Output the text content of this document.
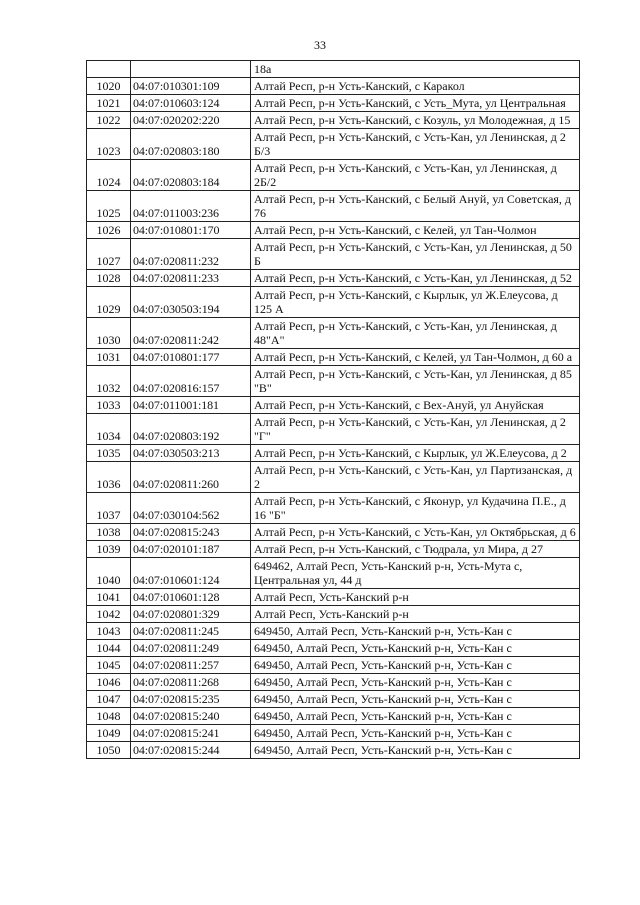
33
		18а
1020	04:07:010301:109	Алтай Респ, р-н Усть-Канский, с Каракол
1021	04:07:010603:124	Алтай Респ, р-н Усть-Канский, с Усть_Мута, ул Центральная
1022	04:07:020202:220	Алтай Респ, р-н Усть-Канский, с Козуль, ул Молодежная, д 15
1023	04:07:020803:180	Алтай Респ, р-н Усть-Канский, с Усть-Кан, ул Ленинская, д 2 Б/3
1024	04:07:020803:184	Алтай Респ, р-н Усть-Канский, с Усть-Кан, ул Ленинская, д 2Б/2
1025	04:07:011003:236	Алтай Респ, р-н Усть-Канский, с Белый Ануй, ул Советская, д 76
1026	04:07:010801:170	Алтай Респ, р-н Усть-Канский, с Келей, ул Тан-Чолмон
1027	04:07:020811:232	Алтай Респ, р-н Усть-Канский, с Усть-Кан, ул Ленинская, д 50 Б
1028	04:07:020811:233	Алтай Респ, р-н Усть-Канский, с Усть-Кан, ул Ленинская, д 52
1029	04:07:030503:194	Алтай Респ, р-н Усть-Канский, с Кырлык, ул Ж.Елеусова, д 125 А
1030	04:07:020811:242	Алтай Респ, р-н Усть-Канский, с Усть-Кан, ул Ленинская, д 48"А"
1031	04:07:010801:177	Алтай Респ, р-н Усть-Канский, с Келей, ул Тан-Чолмон, д 60 а
1032	04:07:020816:157	Алтай Респ, р-н Усть-Канский, с Усть-Кан, ул Ленинская, д 85 "В"
1033	04:07:011001:181	Алтай Респ, р-н Усть-Канский, с Вех-Ануй, ул Ануйская
1034	04:07:020803:192	Алтай Респ, р-н Усть-Канский, с Усть-Кан, ул Ленинская, д 2 "Г"
1035	04:07:030503:213	Алтай Респ, р-н Усть-Канский, с Кырлык, ул Ж.Елеусова, д 2
1036	04:07:020811:260	Алтай Респ, р-н Усть-Канский, с Усть-Кан, ул Партизанская, д 2
1037	04:07:030104:562	Алтай Респ, р-н Усть-Канский, с Яконур, ул Кудачина П.Е., д 16 "Б"
1038	04:07:020815:243	Алтай Респ, р-н Усть-Канский, с Усть-Кан, ул Октябрьская, д 6
1039	04:07:020101:187	Алтай Респ, р-н Усть-Канский, с Тюдрала, ул Мира, д 27
1040	04:07:010601:124	649462, Алтай Респ, Усть-Канский р-н, Усть-Мута с, Центральная ул, 44 д
1041	04:07:010601:128	Алтай Респ, Усть-Канский р-н
1042	04:07:020801:329	Алтай Респ, Усть-Канский р-н
1043	04:07:020811:245	649450, Алтай Респ, Усть-Канский р-н, Усть-Кан с
1044	04:07:020811:249	649450, Алтай Респ, Усть-Канский р-н, Усть-Кан с
1045	04:07:020811:257	649450, Алтай Респ, Усть-Канский р-н, Усть-Кан с
1046	04:07:020811:268	649450, Алтай Респ, Усть-Канский р-н, Усть-Кан с
1047	04:07:020815:235	649450, Алтай Респ, Усть-Канский р-н, Усть-Кан с
1048	04:07:020815:240	649450, Алтай Респ, Усть-Канский р-н, Усть-Кан с
1049	04:07:020815:241	649450, Алтай Респ, Усть-Канский р-н, Усть-Кан с
1050	04:07:020815:244	649450, Алтай Респ, Усть-Канский р-н, Усть-Кан с
